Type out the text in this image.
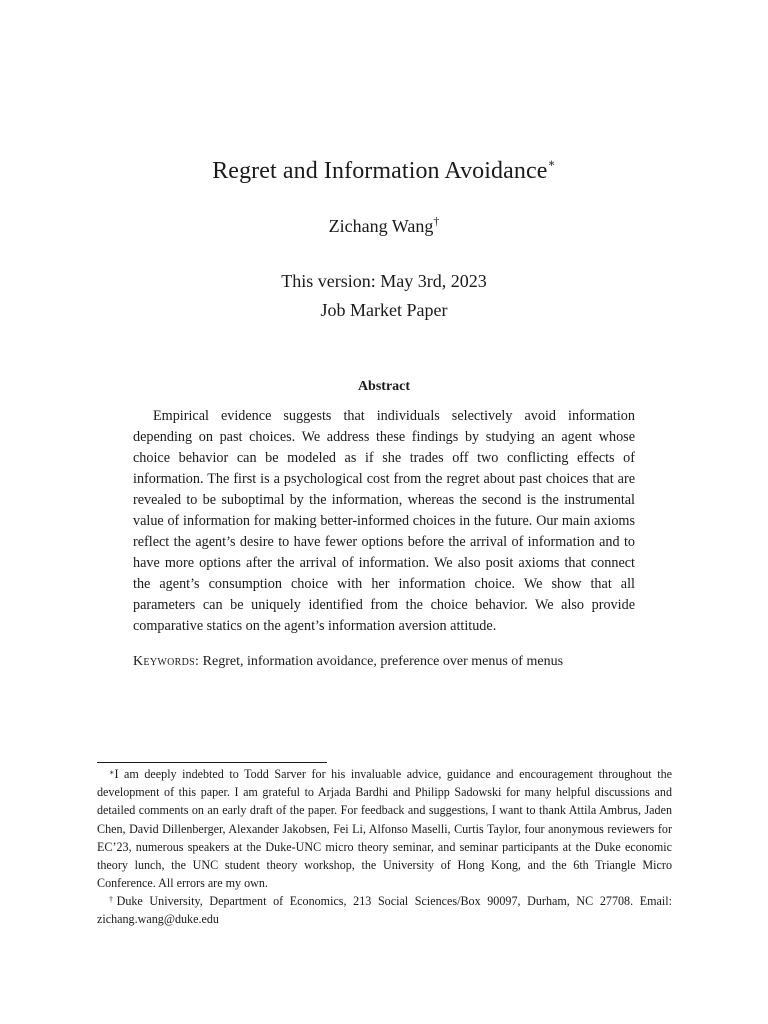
Regret and Information Avoidance∗
Zichang Wang†
This version: May 3rd, 2023
Job Market Paper
Abstract
Empirical evidence suggests that individuals selectively avoid information depending on past choices. We address these findings by studying an agent whose choice behavior can be modeled as if she trades off two conflicting effects of information. The first is a psychological cost from the regret about past choices that are revealed to be suboptimal by the information, whereas the second is the instrumental value of information for making better-informed choices in the future. Our main axioms reflect the agent’s desire to have fewer options before the arrival of information and to have more options after the arrival of information. We also posit axioms that connect the agent’s consumption choice with her information choice. We show that all parameters can be uniquely identified from the choice behavior. We also provide comparative statics on the agent’s information aversion attitude.
Keywords: Regret, information avoidance, preference over menus of menus
∗I am deeply indebted to Todd Sarver for his invaluable advice, guidance and encouragement throughout the development of this paper. I am grateful to Arjada Bardhi and Philipp Sadowski for many helpful discussions and detailed comments on an early draft of the paper. For feedback and suggestions, I want to thank Attila Ambrus, Jaden Chen, David Dillenberger, Alexander Jakobsen, Fei Li, Alfonso Maselli, Curtis Taylor, four anonymous reviewers for EC’23, numerous speakers at the Duke-UNC micro theory seminar, and seminar participants at the Duke economic theory lunch, the UNC student theory workshop, the University of Hong Kong, and the 6th Triangle Micro Conference. All errors are my own.
†Duke University, Department of Economics, 213 Social Sciences/Box 90097, Durham, NC 27708. Email: zichang.wang@duke.edu
